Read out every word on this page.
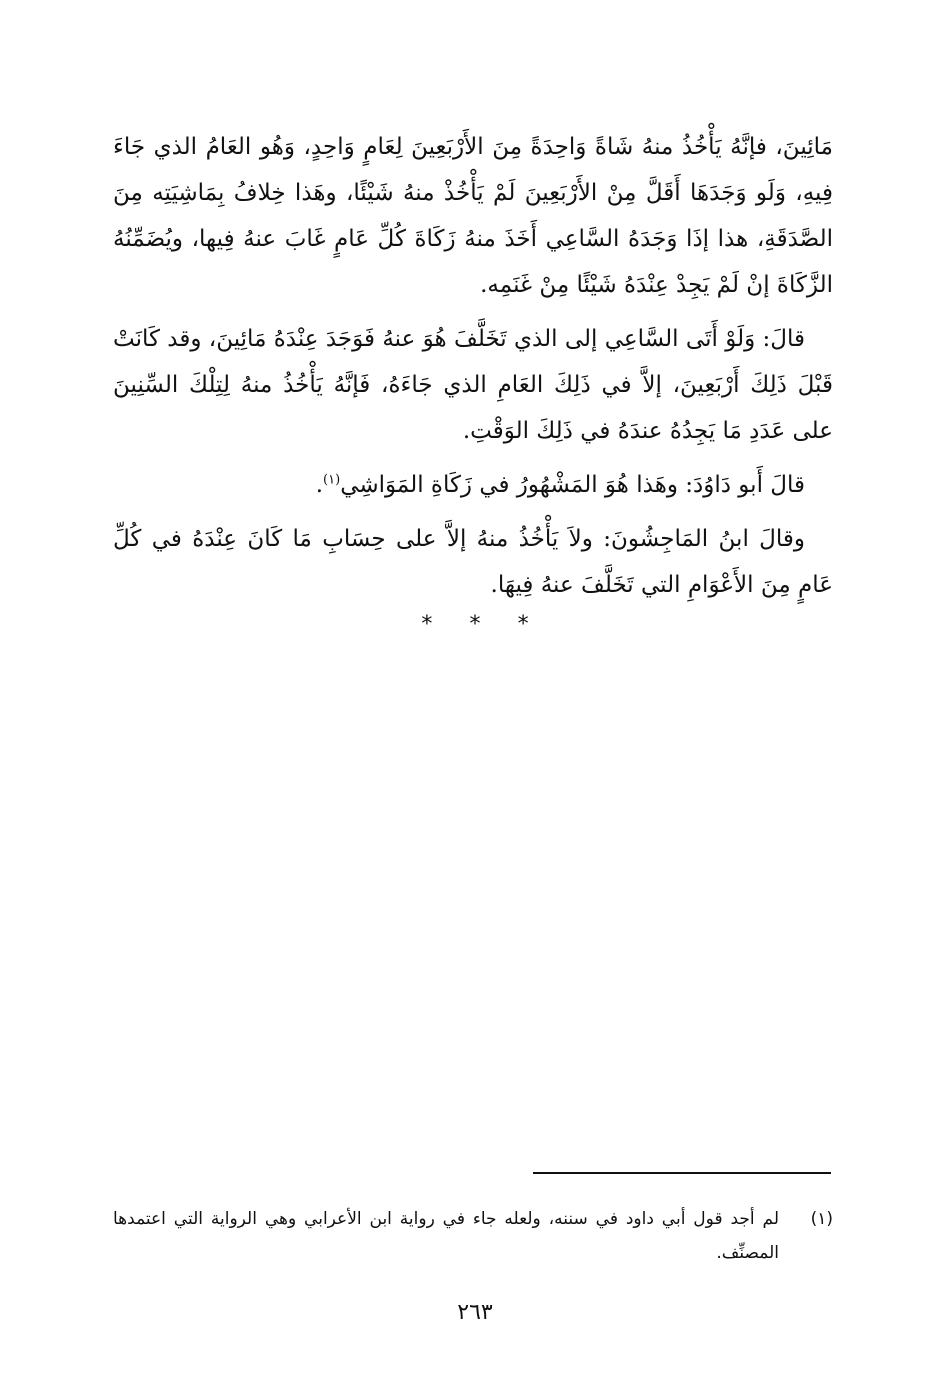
مَائِينَ، فإنَّهُ يَأْخُذُ منهُ شَاةً وَاحِدَةً مِنَ الأَرْبَعِينَ لِعَامٍ وَاحِدٍ، وَهُو العَامُ الذي جَاءَ فِيهِ، وَلَو وَجَدَهَا أَقَلَّ مِنْ الأَرْبَعِينَ لَمْ يَأْخُذْ منهُ شَيْئًا، وهَذا خِلافُ بِمَاشِيَتِه مِنَ الصَّدَقَةِ، هذا إذَا وَجَدَهُ السَّاعِي أَخَذَ منهُ زَكَاةَ كُلِّ عَامٍ غَابَ عنهُ فِيها، ويُضَمِّنُهُ الزَّكَاةَ إنْ لَمْ يَجِدْ عِنْدَهُ شَيْئًا مِنْ غَنَمِه.

قالَ: وَلَوْ أَتَى السَّاعِي إلى الذي تَخَلَّفَ هُوَ عنهُ فَوَجَدَ عِنْدَهُ مَائِينَ، وقد كَانَتْ قَبْلَ ذَلِكَ أَرْبَعِينَ، إلاَّ في ذَلِكَ العَامِ الذي جَاءَهُ، فَإنَّهُ يَأْخُذُ منهُ لِتِلْكَ السِّنِينَ على عَدَدِ مَا يَجِدُهُ عندَهُ في ذَلِكَ الوَقْتِ.

قالَ أَبو دَاوُدَ: وهَذا هُوَ المَشْهُورُ في زَكَاةِ المَوَاشِي$^{(١)}$.

وقالَ ابنُ المَاجِشُونَ: ولاَ يَأْخُذُ منهُ إلاَّ على حِسَابِ مَا كَانَ عِنْدَهُ في كُلِّ عَامٍ مِنَ الأَعْوَامِ التي تَخَلَّفَ عنهُ فِيهَا.

* * *
(١)
لم أجد قول أبي داود في سننه، ولعله جاء في رواية ابن الأعرابي وهي الرواية التي اعتمدها المصنِّف.
٢٦٣
